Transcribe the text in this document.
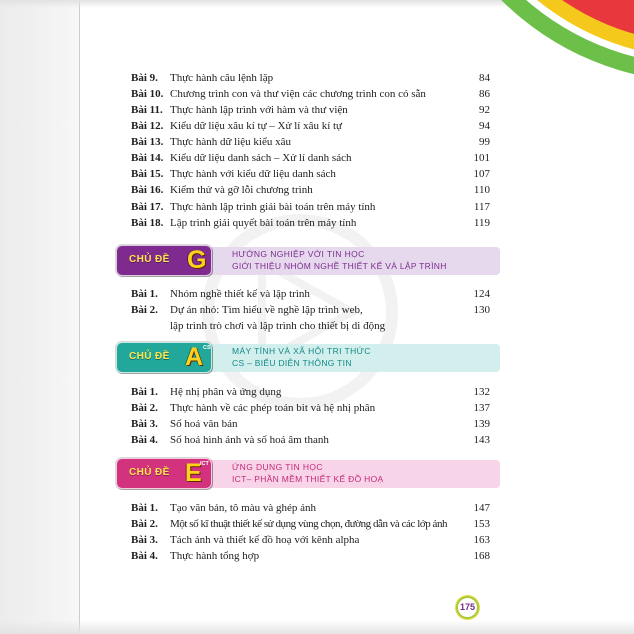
Bài 9. Thực hành câu lệnh lặp	84
Bài 10. Chương trình con và thư viện các chương trình con có sẵn	86
Bài 11. Thực hành lập trình với hàm và thư viện	92
Bài 12. Kiểu dữ liệu xâu kí tự – Xử lí xâu kí tự	94
Bài 13. Thực hành dữ liệu kiểu xâu	99
Bài 14. Kiểu dữ liệu danh sách – Xử lí danh sách	101
Bài 15. Thực hành với kiểu dữ liệu danh sách	107
Bài 16. Kiểm thử và gỡ lỗi chương trình	110
Bài 17. Thực hành lập trình giải bài toán trên máy tính	117
Bài 18. Lập trình giải quyết bài toán trên máy tính	119
CHỦ ĐỀ G	HƯỚNG NGHIỆP VỚI TIN HỌC
GIỚI THIỆU NHÓM NGHỀ THIẾT KẾ VÀ LẬP TRÌNH
Bài 1. Nhóm nghề thiết kế và lập trình	124
Bài 2. Dự án nhỏ: Tìm hiểu về nghề lập trình web,	130
lập trình trò chơi và lập trình cho thiết bị di động
CHỦ ĐỀ A CS	MÁY TÍNH VÀ XÃ HỘI TRI THỨC
CS – BIỂU DIỄN THÔNG TIN
Bài 1. Hệ nhị phân và ứng dụng	132
Bài 2. Thực hành về các phép toán bit và hệ nhị phân	137
Bài 3. Số hoá văn bản	139
Bài 4. Số hoá hình ảnh và số hoá âm thanh	143
CHỦ ĐỀ E
ICT	ỨNG DỤNG TIN HỌC
ICT– PHẦN MỀM THIẾT KẾ ĐỒ HOẠ
Bài 1. Tạo văn bản, tô màu và ghép ảnh	147
Bài 2. Một số kĩ thuật thiết kế sử dụng vùng chọn, đường dẫn và các lớp ảnh 153
Bài 3. Tách ảnh và thiết kế đồ hoạ với kênh alpha	163
Bài 4. Thực hành tổng hợp	168
175
